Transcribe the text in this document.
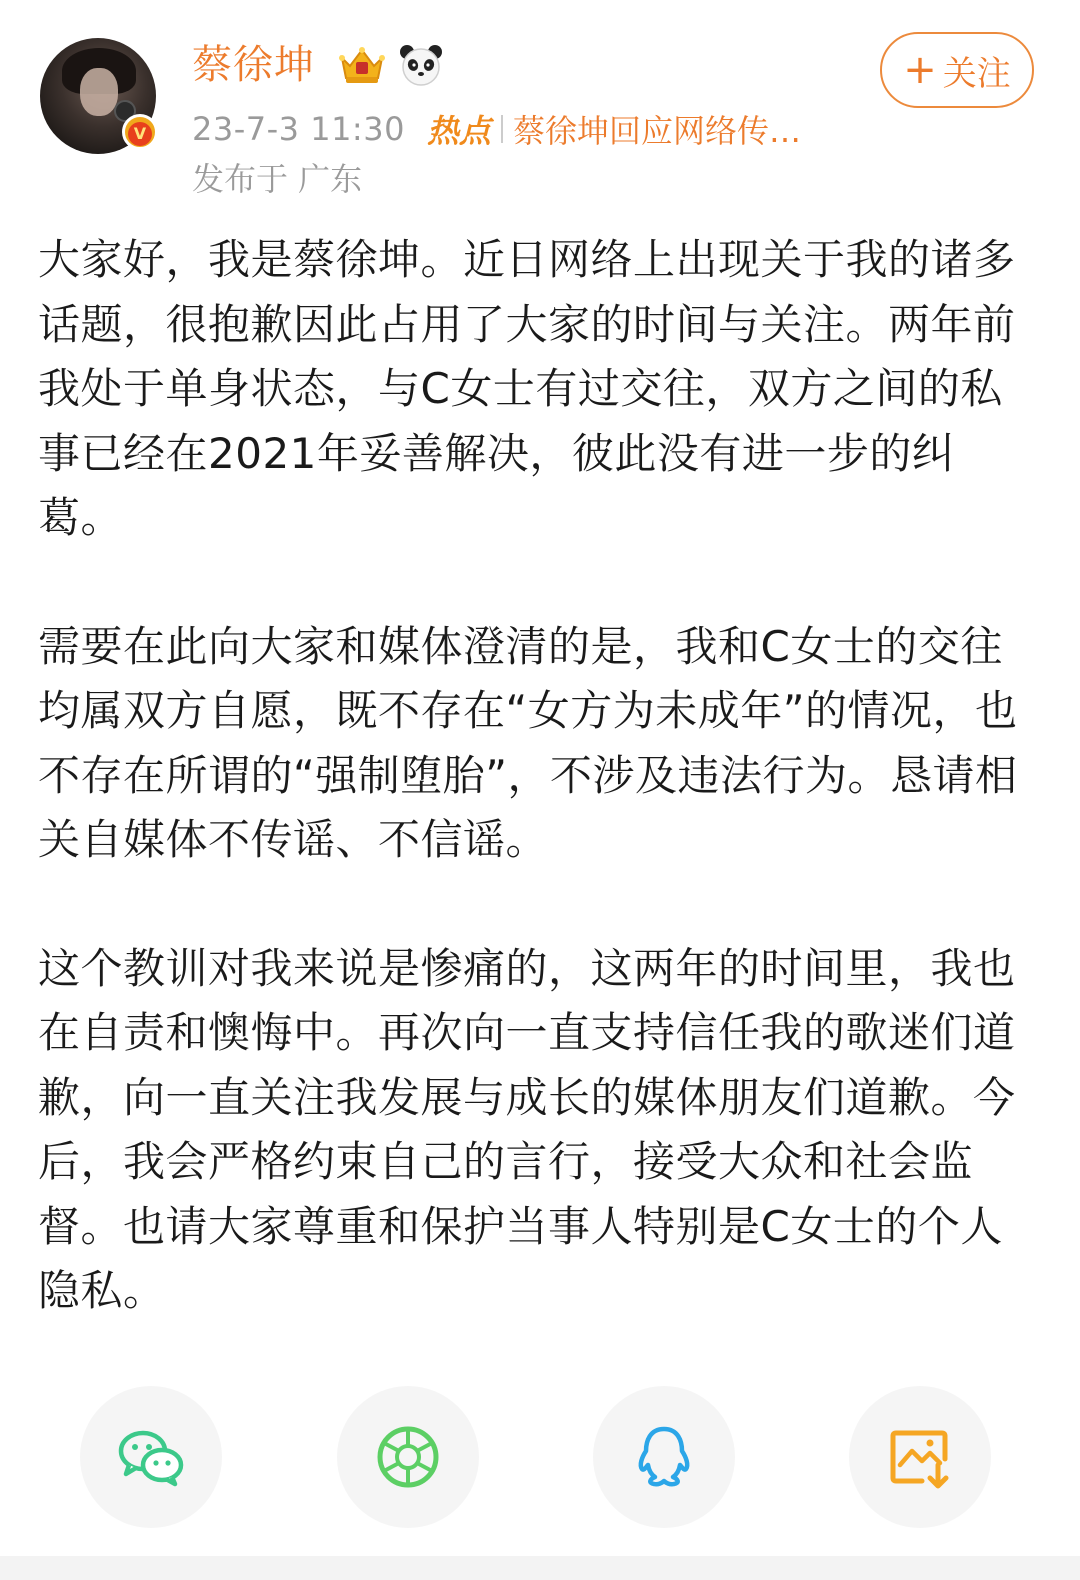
V
蔡徐坤
23-7-3 11:30 热点 蔡徐坤回应网络传…
发布于 广东
+ 关注

大家好，我是蔡徐坤。近日网络上出现关于我的诸多话题，很抱歉因此占用了大家的时间与关注。两年前我处于单身状态，与C女士有过交往，双方之间的私事已经在2021年妥善解决，彼此没有进一步的纠葛。

需要在此向大家和媒体澄清的是，我和C女士的交往均属双方自愿，既不存在“女方为未成年”的情况，也不存在所谓的“强制堕胎”，不涉及违法行为。恳请相关自媒体不传谣、不信谣。

这个教训对我来说是惨痛的，这两年的时间里，我也在自责和懊悔中。再次向一直支持信任我的歌迷们道歉，向一直关注我发展与成长的媒体朋友们道歉。今后，我会严格约束自己的言行，接受大众和社会监督。也请大家尊重和保护当事人特别是C女士的个人隐私。
